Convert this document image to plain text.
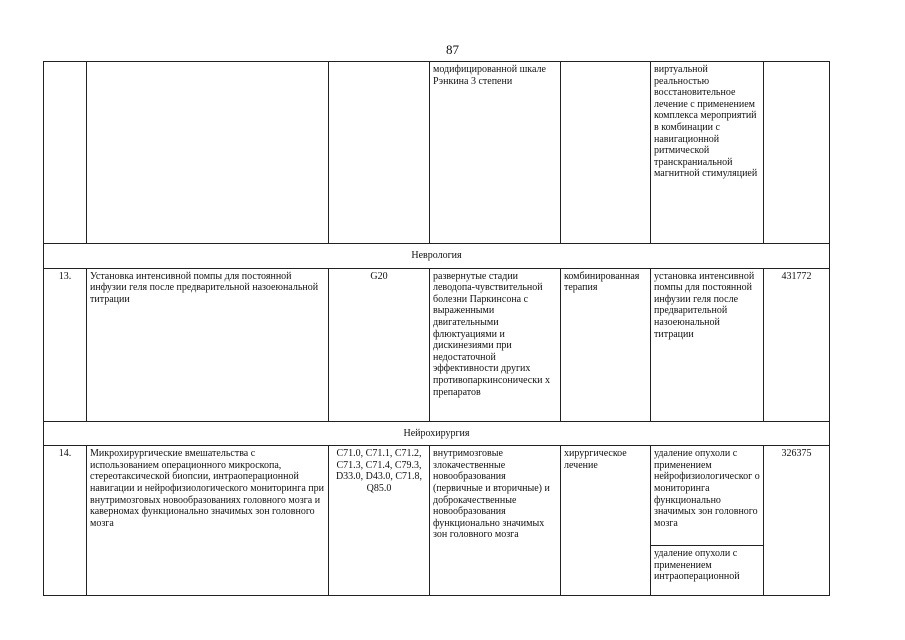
87
			модифицированной шкале Рэнкина 3 степени		виртуальной реальностью восстановительное лечение с применением комплекса мероприятий в комбинации с навигационной ритмической транскраниальной магнитной стимуляцией	
Неврология						
13.	Установка интенсивной помпы для постоянной инфузии геля после предварительной назоеюнальной титрации	G20	развернутые стадии леводопа-чувствительной болезни Паркинсона с выраженными двигательными флюктуациями и дискинезиями при недостаточной эффективности других противопаркинсонически х препаратов	комбинированная терапия	установка интенсивной помпы для постоянной инфузии геля после предварительной назоеюнальной титрации	431772
Нейрохирургия						
14.	Микрохирургические вмешательства с использованием операционного микроскопа, стереотаксической биопсии, интраоперационной навигации и нейрофизиологического мониторинга при внутримозговых новообразованиях головного мозга и каверномах функционально значимых зон головного мозга	C71.0, C71.1, C71.2, C71.3, C71.4, C79.3, D33.0, D43.0, C71.8, Q85.0	внутримозговые злокачественные новообразования (первичные и вторичные) и доброкачественные новообразования функционально значимых зон головного мозга	хирургическое лечение	удаление опухоли с применением нейрофизиологическог о мониторинга функционально значимых зон головного мозга	326375
					удаление опухоли с применением интраоперационной	
